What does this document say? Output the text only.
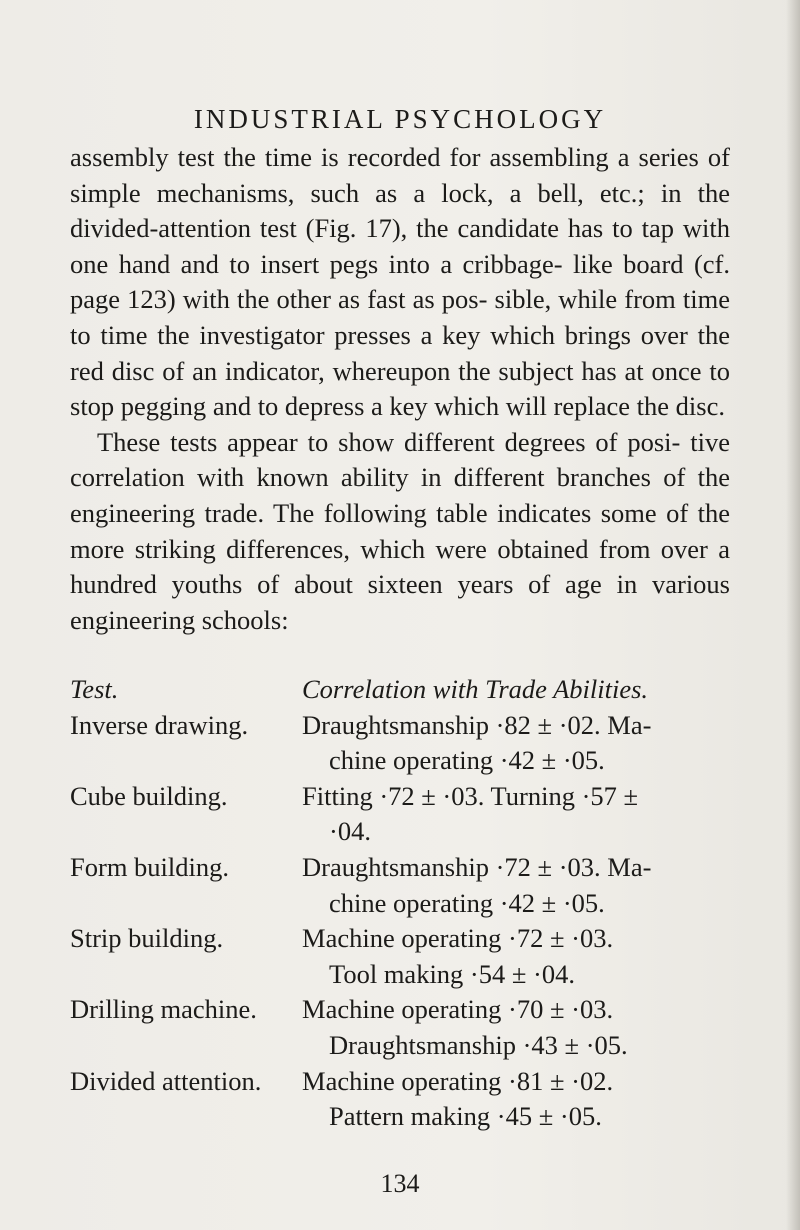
INDUSTRIAL PSYCHOLOGY

assembly test the time is recorded for assembling a series of simple mechanisms, such as a lock, a bell, etc.; in the divided-attention test (Fig. 17), the candidate has to tap with one hand and to insert pegs into a cribbage- like board (cf. page 123) with the other as fast as pos- sible, while from time to time the investigator presses a key which brings over the red disc of an indicator, whereupon the subject has at once to stop pegging and to depress a key which will replace the disc.

These tests appear to show different degrees of posi- tive correlation with known ability in different branches of the engineering trade. The following table indicates some of the more striking differences, which were obtained from over a hundred youths of about sixteen years of age in various engineering schools:

Test.	Correlation with Trade Abilities.
Inverse drawing.	Draughtsmanship ·82 ± ·02. Ma-
chine operating ·42 ± ·05.
Cube building.	Fitting ·72 ± ·03. Turning ·57 ±
·04.
Form building.	Draughtsmanship ·72 ± ·03. Ma-
chine operating ·42 ± ·05.
Strip building.	Machine operating ·72 ± ·03.
Tool making ·54 ± ·04.
Drilling machine.	Machine operating ·70 ± ·03.
Draughtsmanship ·43 ± ·05.
Divided attention.	Machine operating ·81 ± ·02.
Pattern making ·45 ± ·05.
134
